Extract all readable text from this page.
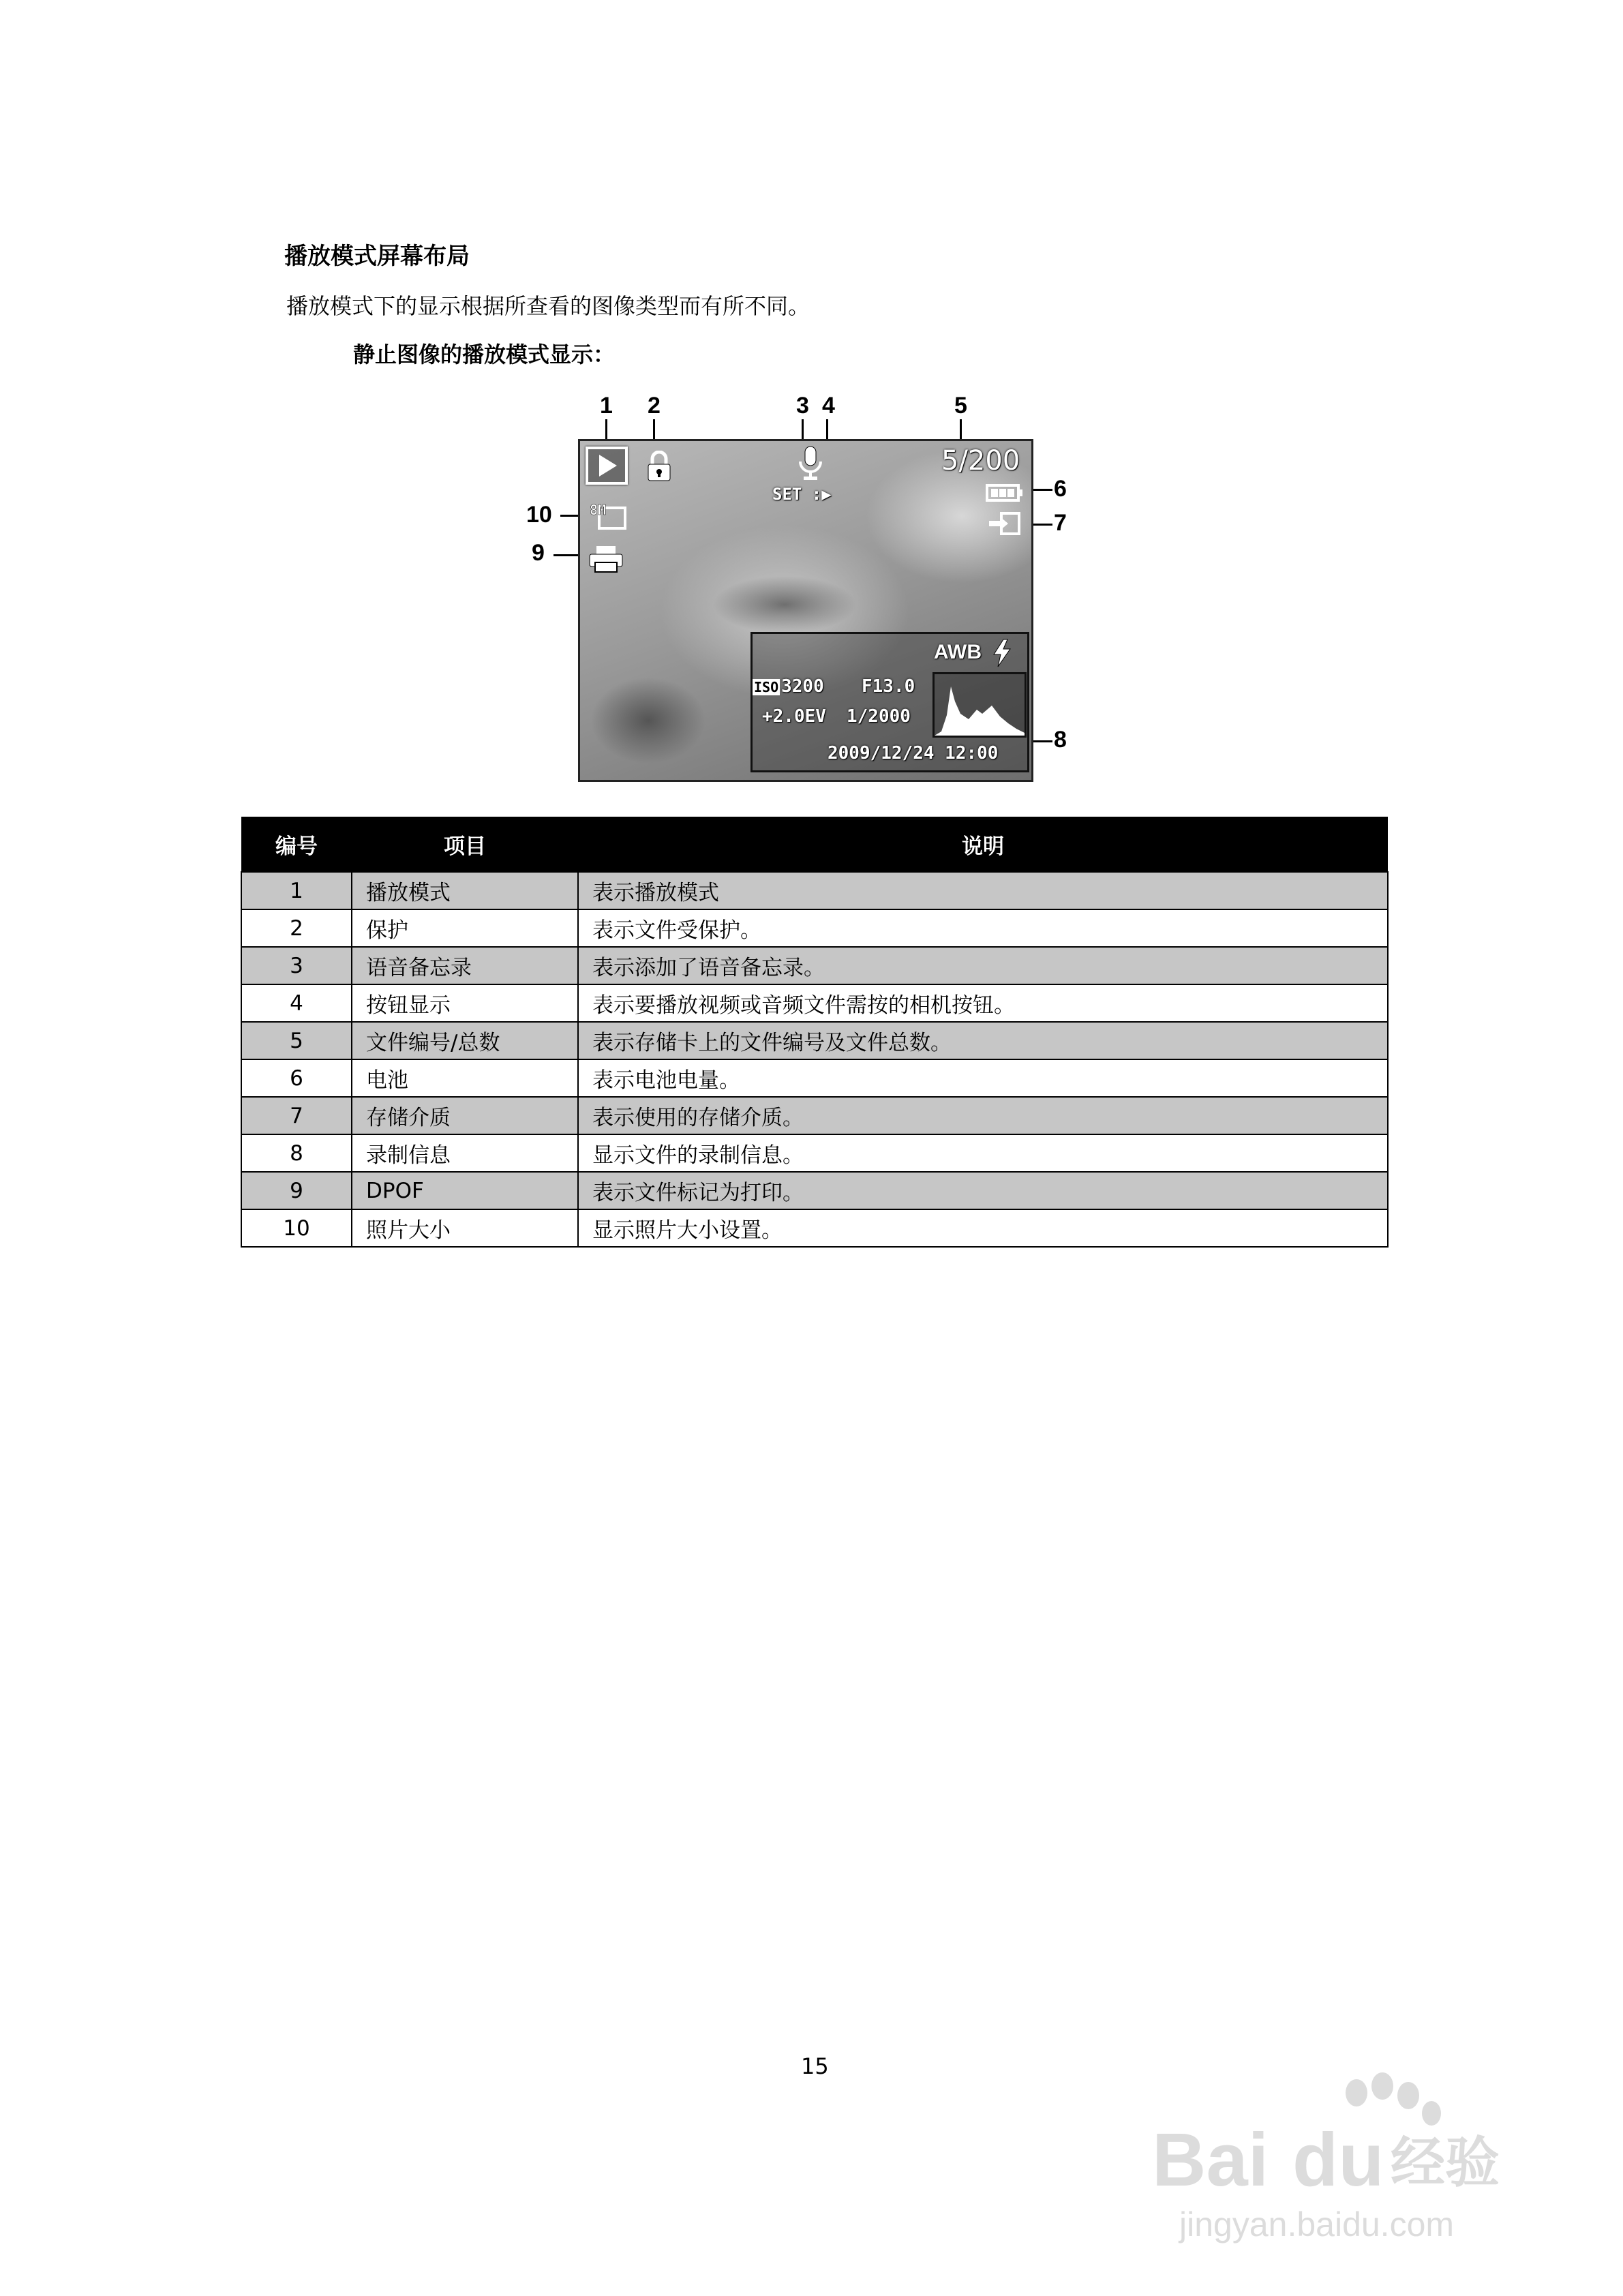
播放模式屏幕布局
播放模式下的显示根据所查看的图像类型而有所不同。
静止图像的播放模式显示：
1 2	3 4	5
6
7
8
9
10
SET :▶
5/200
8M
AWB
ISO 3200 F13.0
+2.0EV 1/2000
2009/12/24 12:00
编号	项目	说明
1	播放模式	表示播放模式
2	保护	表示文件受保护。
3	语音备忘录	表示添加了语音备忘录。
4	按钮显示	表示要播放视频或音频文件需按的相机按钮。
5	文件编号/总数	表示存储卡上的文件编号及文件总数。
6	电池	表示电池电量。
7	存储介质	表示使用的存储介质。
8	录制信息	显示文件的录制信息。
9	DPOF	表示文件标记为打印。
10	照片大小	显示照片大小设置。
15
Bai du 经验
jingyan.baidu.com
